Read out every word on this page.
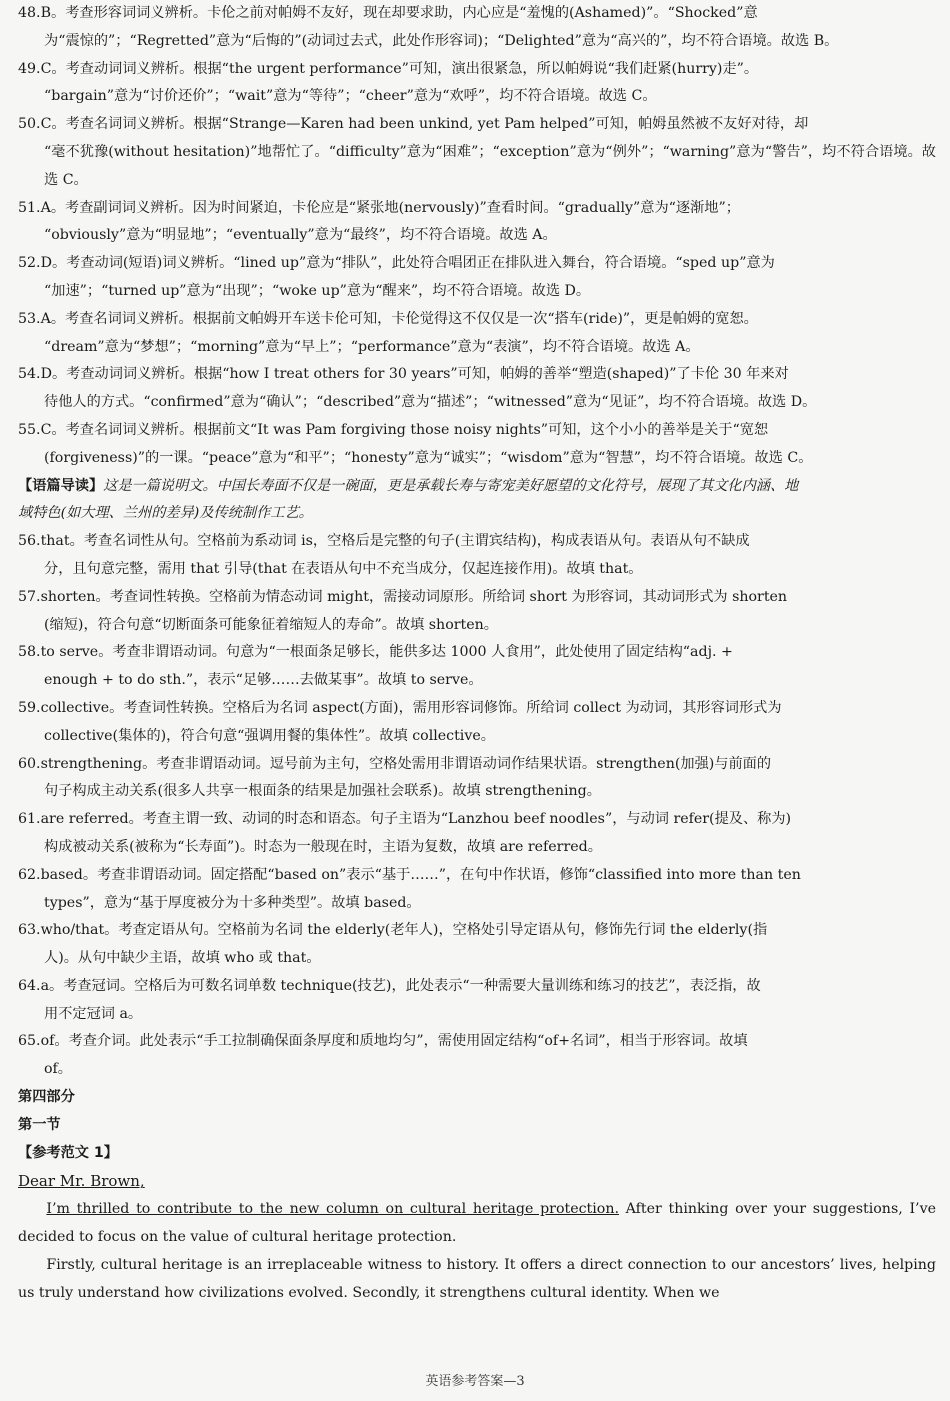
48.B。考查形容词词义辨析。卡伦之前对帕姆不友好，现在却要求助，内心应是“羞愧的(Ashamed)”。“Shocked”意
为“震惊的”；“Regretted”意为“后悔的”(动词过去式，此处作形容词)；“Delighted”意为“高兴的”，均不符合语境。故选 B。
49.C。考查动词词义辨析。根据“the urgent performance”可知，演出很紧急，所以帕姆说“我们赶紧(hurry)走”。
“bargain”意为“讨价还价”；“wait”意为“等待”；“cheer”意为“欢呼”，均不符合语境。故选 C。
50.C。考查名词词义辨析。根据“Strange—Karen had been unkind, yet Pam helped”可知，帕姆虽然被不友好对待，却
“毫不犹豫(without hesitation)”地帮忙了。“difficulty”意为“困难”；“exception”意为“例外”；“warning”意为“警告”，均不符合语境。故选 C。
51.A。考查副词词义辨析。因为时间紧迫，卡伦应是“紧张地(nervously)”查看时间。“gradually”意为“逐渐地”；
“obviously”意为“明显地”；“eventually”意为“最终”，均不符合语境。故选 A。
52.D。考查动词(短语)词义辨析。“lined up”意为“排队”，此处符合唱团正在排队进入舞台，符合语境。“sped up”意为
“加速”；“turned up”意为“出现”；“woke up”意为“醒来”，均不符合语境。故选 D。
53.A。考查名词词义辨析。根据前文帕姆开车送卡伦可知，卡伦觉得这不仅仅是一次“搭车(ride)”，更是帕姆的宽恕。
“dream”意为“梦想”；“morning”意为“早上”；“performance”意为“表演”，均不符合语境。故选 A。
54.D。考查动词词义辨析。根据“how I treat others for 30 years”可知，帕姆的善举“塑造(shaped)”了卡伦 30 年来对
待他人的方式。“confirmed”意为“确认”；“described”意为“描述”；“witnessed”意为“见证”，均不符合语境。故选 D。
55.C。考查名词词义辨析。根据前文“It was Pam forgiving those noisy nights”可知，这个小小的善举是关于“宽恕
(forgiveness)”的一课。“peace”意为“和平”；“honesty”意为“诚实”；“wisdom”意为“智慧”，均不符合语境。故选 C。
【语篇导读】这是一篇说明文。中国长寿面不仅是一碗面，更是承载长寿与寄宠美好愿望的文化符号，展现了其文化内涵、地
域特色(如大理、兰州的差异)及传统制作工艺。
56.that。考查名词性从句。空格前为系动词 is，空格后是完整的句子(主谓宾结构)，构成表语从句。表语从句不缺成
分，且句意完整，需用 that 引导(that 在表语从句中不充当成分，仅起连接作用)。故填 that。
57.shorten。考查词性转换。空格前为情态动词 might，需接动词原形。所给词 short 为形容词，其动词形式为 shorten
(缩短)，符合句意“切断面条可能象征着缩短人的寿命”。故填 shorten。
58.to serve。考查非谓语动词。句意为“一根面条足够长，能供多达 1000 人食用”，此处使用了固定结构“adj. +
enough + to do sth.”，表示“足够……去做某事”。故填 to serve。
59.collective。考查词性转换。空格后为名词 aspect(方面)，需用形容词修饰。所给词 collect 为动词，其形容词形式为
collective(集体的)，符合句意“强调用餐的集体性”。故填 collective。
60.strengthening。考查非谓语动词。逗号前为主句，空格处需用非谓语动词作结果状语。strengthen(加强)与前面的
句子构成主动关系(很多人共享一根面条的结果是加强社会联系)。故填 strengthening。
61.are referred。考查主谓一致、动词的时态和语态。句子主语为“Lanzhou beef noodles”，与动词 refer(提及、称为)
构成被动关系(被称为“长寿面”)。时态为一般现在时，主语为复数，故填 are referred。
62.based。考查非谓语动词。固定搭配“based on”表示“基于……”，在句中作状语，修饰“classified into more than ten
types”，意为“基于厚度被分为十多种类型”。故填 based。
63.who/that。考查定语从句。空格前为名词 the elderly(老年人)，空格处引导定语从句，修饰先行词 the elderly(指
人)。从句中缺少主语，故填 who 或 that。
64.a。考查冠词。空格后为可数名词单数 technique(技艺)，此处表示“一种需要大量训练和练习的技艺”，表泛指，故
用不定冠词 a。
65.of。考查介词。此处表示“手工拉制确保面条厚度和质地均匀”，需使用固定结构“of+名词”，相当于形容词。故填
of。
第四部分
第一节
【参考范文 1】
Dear Mr. Brown,
I’m thrilled to contribute to the new column on cultural heritage protection. After thinking over your suggestions, I’ve decided to focus on the value of cultural heritage protection.
Firstly, cultural heritage is an irreplaceable witness to history. It offers a direct connection to our ancestors’ lives, helping us truly understand how civilizations evolved. Secondly, it strengthens cultural identity. When we
英语参考答案—3
